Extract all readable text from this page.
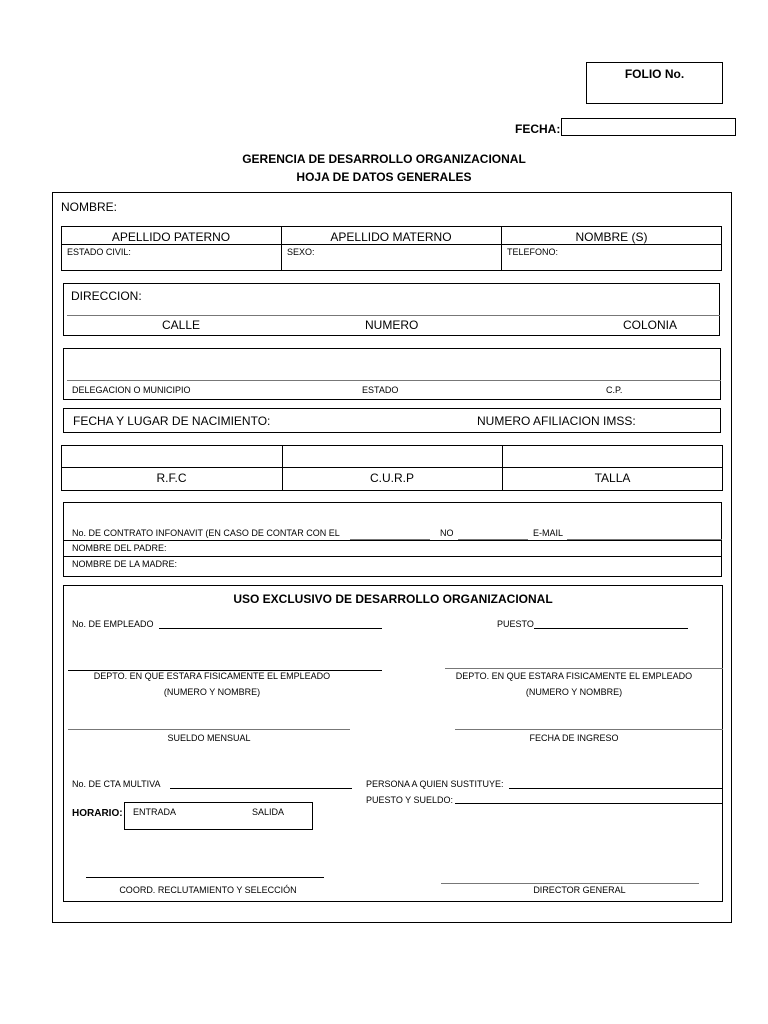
FOLIO No.
FECHA:
GERENCIA DE DESARROLLO ORGANIZACIONAL
HOJA DE DATOS GENERALES
NOMBRE:
APELLIDO PATERNO	APELLIDO MATERNO	NOMBRE (S)
ESTADO CIVIL:	SEXO:	TELEFONO:
DIRECCION:
CALLE	NUMERO	COLONIA
DELEGACION O MUNICIPIO	ESTADO	C.P.
FECHA Y LUGAR DE NACIMIENTO:	NUMERO AFILIACION IMSS:
R.F.C	C.U.R.P	TALLA
No. DE CONTRATO INFONAVIT (EN CASO DE CONTAR CON EL	NO	E-MAIL
NOMBRE DEL PADRE:
NOMBRE DE LA MADRE:
USO EXCLUSIVO DE DESARROLLO ORGANIZACIONAL
No. DE EMPLEADO	PUESTO
DEPTO. EN QUE ESTARA FISICAMENTE EL EMPLEADO
(NUMERO Y NOMBRE)
DEPTO. EN QUE ESTARA FISICAMENTE EL EMPLEADO
(NUMERO Y NOMBRE)
SUELDO MENSUAL	FECHA DE INGRESO
No. DE CTA MULTIVA	PERSONA A QUIEN SUSTITUYE:
PUESTO Y SUELDO:
HORARIO: ENTRADA	SALIDA
COORD. RECLUTAMIENTO Y SELECCIÓN	DIRECTOR GENERAL
